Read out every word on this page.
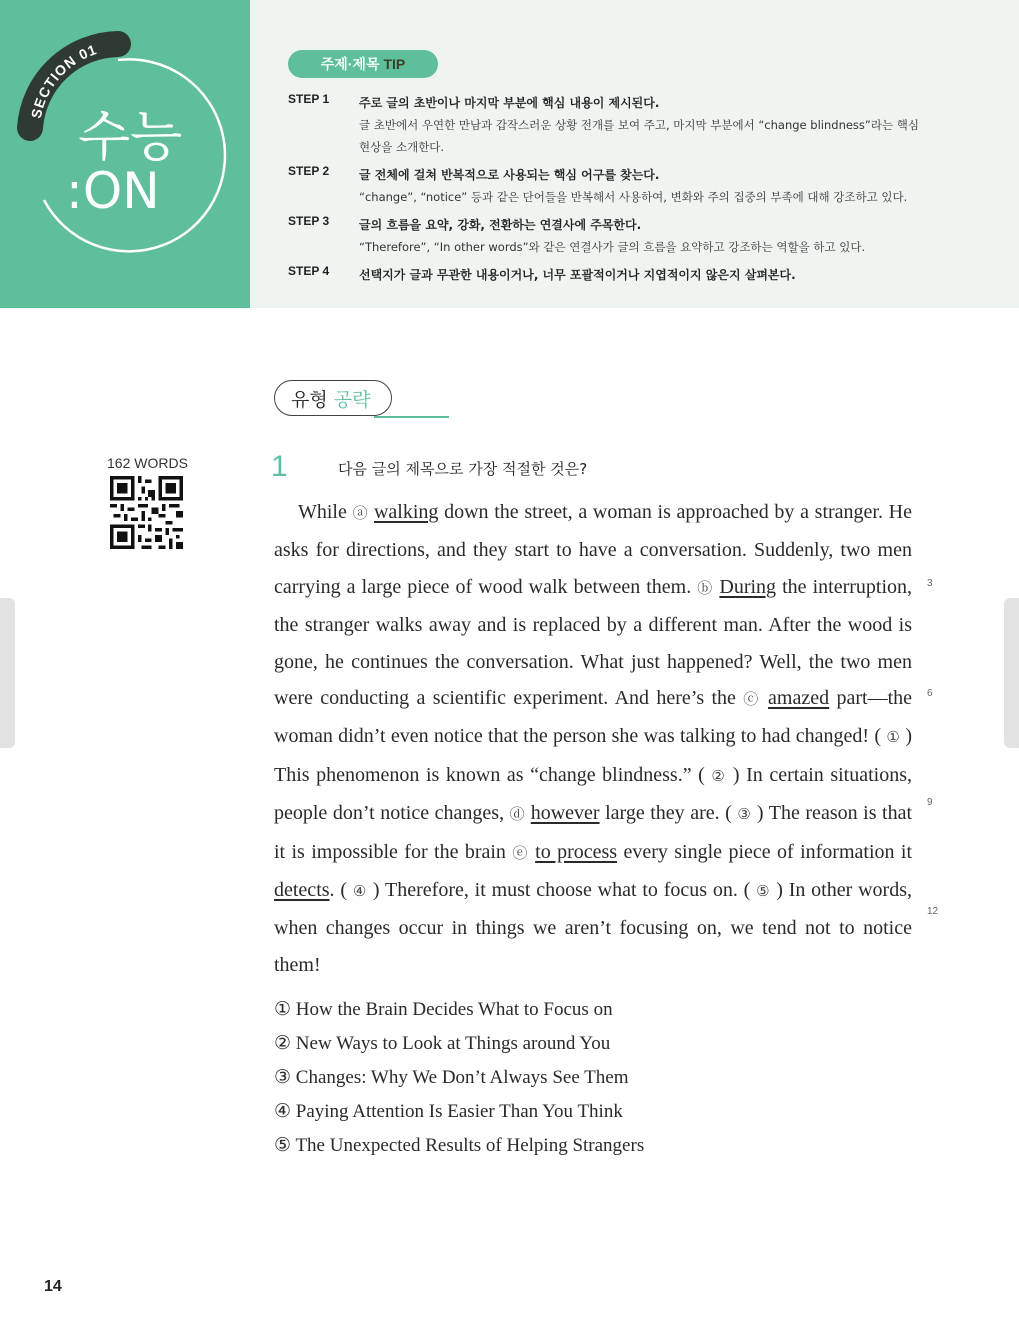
SECTION 01
수능
:ON
주제·제목 TIP
STEP 1	주로 글의 초반이나 마지막 부분에 핵심 내용이 제시된다.
글 초반에서 우연한 만남과 갑작스러운 상황 전개를 보여 주고, 마지막 부분에서 “change blindness”라는 핵심 현상을 소개한다.
STEP 2	글 전체에 걸쳐 반복적으로 사용되는 핵심 어구를 찾는다.
“change”, “notice” 등과 같은 단어들을 반복해서 사용하여, 변화와 주의 집중의 부족에 대해 강조하고 있다.
STEP 3	글의 흐름을 요약, 강화, 전환하는 연결사에 주목한다.
“Therefore”, “In other words”와 같은 연결사가 글의 흐름을 요약하고 강조하는 역할을 하고 있다.
STEP 4	선택지가 글과 무관한 내용이거나, 너무 포괄적이거나 지엽적이지 않은지 살펴본다.
유형 공략
162 WORDS	1	다음 글의 제목으로 가장 적절한 것은?
While ⓐ walking down the street, a woman is approached by a stranger. He asks for directions, and they start to have a conversation. Suddenly, two men carrying a large piece of wood walk between them. ⓑ During the interruption, the stranger walks away and is replaced by a different man. After the wood is gone, he continues the conversation. What just happened? Well, the two men were conducting a scientific experiment. And here’s the ⓒ amazed part—the woman didn’t even notice that the person she was talking to had changed! ( ① ) This phenomenon is known as “change blindness.” ( ② ) In certain situations, people don’t notice changes, ⓓ however large they are. ( ③ ) The reason is that it is impossible for the brain ⓔ to process every single piece of information it detects. ( ④ ) Therefore, it must choose what to focus on. ( ⑤ ) In other words, when changes occur in things we aren’t focusing on, we tend not to notice them!
3
6
9
12
① How the Brain Decides What to Focus on
② New Ways to Look at Things around You
③ Changes: Why We Don’t Always See Them
④ Paying Attention Is Easier Than You Think
⑤ The Unexpected Results of Helping Strangers
14
